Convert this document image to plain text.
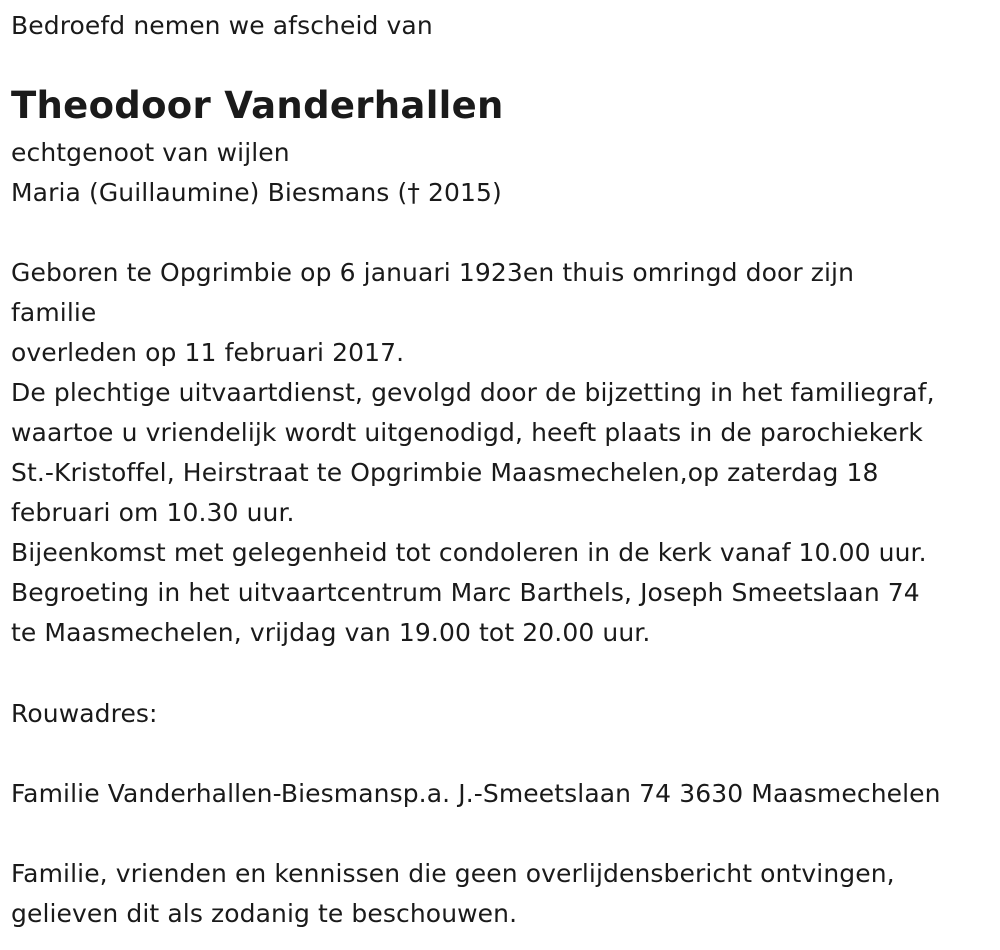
Bedroefd nemen we afscheid van
Theodoor Vanderhallen
echtgenoot van wijlen
Maria (Guillaumine) Biesmans († 2015)
Geboren te Opgrimbie op 6 januari 1923en thuis omringd door zijn
familie
overleden op 11 februari 2017.
De plechtige uitvaartdienst, gevolgd door de bijzetting in het familiegraf,
waartoe u vriendelijk wordt uitgenodigd, heeft plaats in de parochiekerk
St.-Kristoffel, Heirstraat te Opgrimbie Maasmechelen,op zaterdag 18
februari om 10.30 uur.
Bijeenkomst met gelegenheid tot condoleren in de kerk vanaf 10.00 uur.
Begroeting in het uitvaartcentrum Marc Barthels, Joseph Smeetslaan 74
te Maasmechelen, vrijdag van 19.00 tot 20.00 uur.
Rouwadres:
Familie Vanderhallen-Biesmansp.a. J.-Smeetslaan 74 3630 Maasmechelen
Familie, vrienden en kennissen die geen overlijdensbericht ontvingen,
gelieven dit als zodanig te beschouwen.
